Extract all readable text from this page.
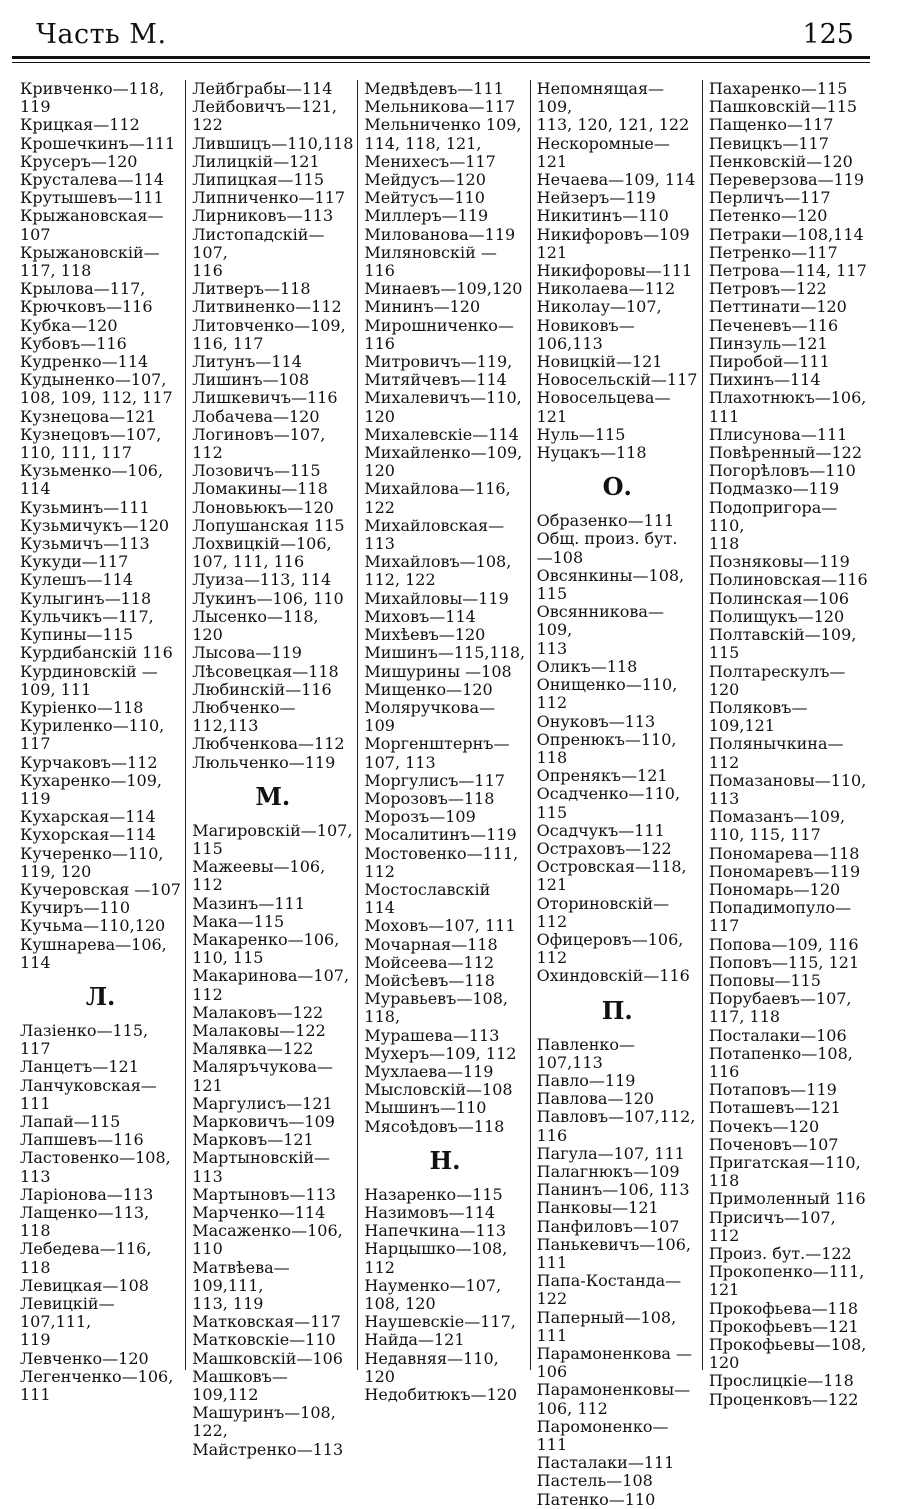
Часть М.	125
Кривченко—118,
119
Крицкая—112
Крошечкинъ—111
Крусеръ—120
Крусталева—114
Крутышевъ—111
Крыжановская—
107
Крыжановскій—
117, 118
Крылова—117,
Крючковъ—116
Кубка—120
Кубовъ—116
Кудренко—114
Кудыненко—107,
108, 109, 112, 117
Кузнецова—121
Кузнецовъ—107,
110, 111, 117
Кузьменко—106,
114
Кузьминъ—111
Кузьмичукъ—120
Кузьмичъ—113
Кукуди—117
Кулешъ—114
Кулыгинъ—118
Кульчикъ—117,
Купины—115
Курдибанскій 116
Курдиновскій —
109, 111
Куріенко—118
Куриленко—110,
117
Курчаковъ—112
Кухаренко—109,
119
Кухарская—114
Кухорская—114
Кучеренко—110,
119, 120
Кучеровская —107
Кучиръ—110
Кучьма—110,120
Кушнарева—106,
114
Л.
Лазіенко—115, 117
Ланцетъ—121
Ланчуковская—
111
Лапай—115
Лапшевъ—116
Ластовенко—108,
113
Ларіонова—113
Лащенко—113, 118
Лебедева—116, 118
Левицкая—108
Левицкій—107,111,
119
Левченко—120
Легенченко—106,
111
Лейбграбы—114
Лейбовичъ—121,
122
Лившицъ—110,118
Лилицкій—121
Липицкая—115
Липниченко—117
Лирниковъ—113
Листопадскій—107,
116
Литверъ—118
Литвиненко—112
Литовченко—109,
116, 117
Литунъ—114
Лишинъ—108
Лишкевичъ—116
Лобачева—120
Логиновъ—107,
112
Лозовичъ—115
Ломакины—118
Лоновьюкъ—120
Лопушанская 115
Лохвицкій—106,
107, 111, 116
Луиза—113, 114
Лукинъ—106, 110
Лысенко—118, 120
Лысова—119
Лѣсовецкая—118
Любинскій—116
Любченко—112,113
Любченкова—112
Люльченко—119
М.
Магировскій—107,
115
Мажеевы—106, 112
Мазинъ—111
Мака—115
Макаренко—106,
110, 115
Макаринова—107,
112
Малаковъ—122
Малаковы—122
Малявка—122
Маляръчукова—121
Маргулисъ—121
Марковичъ—109
Марковъ—121
Мартыновскій—
113
Мартыновъ—113
Марченко—114
Масаженко—106,
110
Матвѣева—109,111,
113, 119
Матковская—117
Матковскіе—110
Машковскій—106
Машковъ—109,112
Машуринъ—108,
122,
Майстренко—113
Медвѣдевъ—111
Мельникова—117
Мельниченко 109,
114, 118, 121,
Менихесъ—117
Мейдусъ—120
Мейтусъ—110
Миллеръ—119
Милованова—119
Миляновскій —116
Минаевъ—109,120
Мининъ—120
Мирошниченко—
116
Митровичъ—119,
Митяйчевъ—114
Михалевичъ—110,
120
Михалевскіе—114
Михайленко—109,
120
Михайлова—116,
122
Михайловская—
113
Михайловъ—108,
112, 122
Михайловы—119
Миховъ—114
Михѣевъ—120
Мишинъ—115,118,
Мишурины —108
Мищенко—120
Моляручкова—109
Моргенштернъ—
107, 113
Моргулисъ—117
Морозовъ—118
Морозъ—109
Мосалитинъ—119
Мостовенко—111,
112
Мостославскій 114
Моховъ—107, 111
Мочарная—118
Мойсеева—112
Мойсѣевъ—118
Муравьевъ—108,
118,
Мурашева—113
Мухеръ—109, 112
Мухлаева—119
Мысловскій—108
Мышинъ—110
Мясоѣдовъ—118
Н.
Назаренко—115
Назимовъ—114
Напечкина—113
Нарцышко—108,
112
Науменко—107,
108, 120
Наушевскіе—117,
Найда—121
Недавняя—110, 120
Недобитюкъ—120
Непомнящая—109,
113, 120, 121, 122
Нескоромные—121
Нечаева—109, 114
Нейзеръ—119
Никитинъ—110
Никифоровъ—109
121
Никифоровы—111
Николаева—112
Николау—107,
Новиковъ—106,113
Новицкій—121
Новосельскій—117
Новосельцева—121
Нуль—115
Нуцакъ—118
О.
Образенко—111
Общ. произ. бут.
—108
Овсянкины—108,
115
Овсянникова—109,
113
Оликъ—118
Онищенко—110,
112
Онуковъ—113
Опренюкъ—110,
118
Опренякъ—121
Осадченко—110,
115
Осадчукъ—111
Остраховъ—122
Островская—118,
121
Оториновскій—112
Офицеровъ—106,
112
Охиндовскій—116
П.
Павленко—107,113
Павло—119
Павлова—120
Павловъ—107,112,
116
Пагула—107, 111
Палагнюкъ—109
Панинъ—106, 113
Панковы—121
Панфиловъ—107
Панькевичъ—106,
111
Папа-Костанда—
122
Паперный—108,
111
Парамоненкова —
106
Парамоненковы—
106, 112
Паромоненко—111
Пасталаки—111
Пастель—108
Патенко—110
Пахаренко—115
Пашковскій—115
Пащенко—117
Певицкъ—117
Пенковскій—120
Переверзова—119
Перличъ—117
Петенко—120
Петраки—108,114
Петренко—117
Петрова—114, 117
Петровъ—122
Петтинати—120
Печеневъ—116
Пинзуль—121
Пиробой—111
Пихинъ—114
Плахотнюкъ—106,
111
Плисунова—111
Повѣренный—122
Погорѣловъ—110
Подмазко—119
Подопригора—110,
118
Позняковы—119
Полиновская—116
Полинская—106
Полищукъ—120
Полтавскій—109,
115
Полтарескулъ—
120
Поляковъ—109,121
Полянычкина—112
Помазановы—110,
113
Помазанъ—109,
110, 115, 117
Пономарева—118
Пономаревъ—119
Пономарь—120
Попадимопуло—
117
Попова—109, 116
Поповъ—115, 121
Поповы—115
Порубаевъ—107,
117, 118
Посталаки—106
Потапенко—108,
116
Потаповъ—119
Поташевъ—121
Почекъ—120
Поченовъ—107
Пригатская—110,
118
Примоленный 116
Присичъ—107, 112
Произ. бут.—122
Прокопенко—111,
121
Прокофьева—118
Прокофьевъ—121
Прокофьевы—108,
120
Прослицкіе—118
Проценковъ—122
